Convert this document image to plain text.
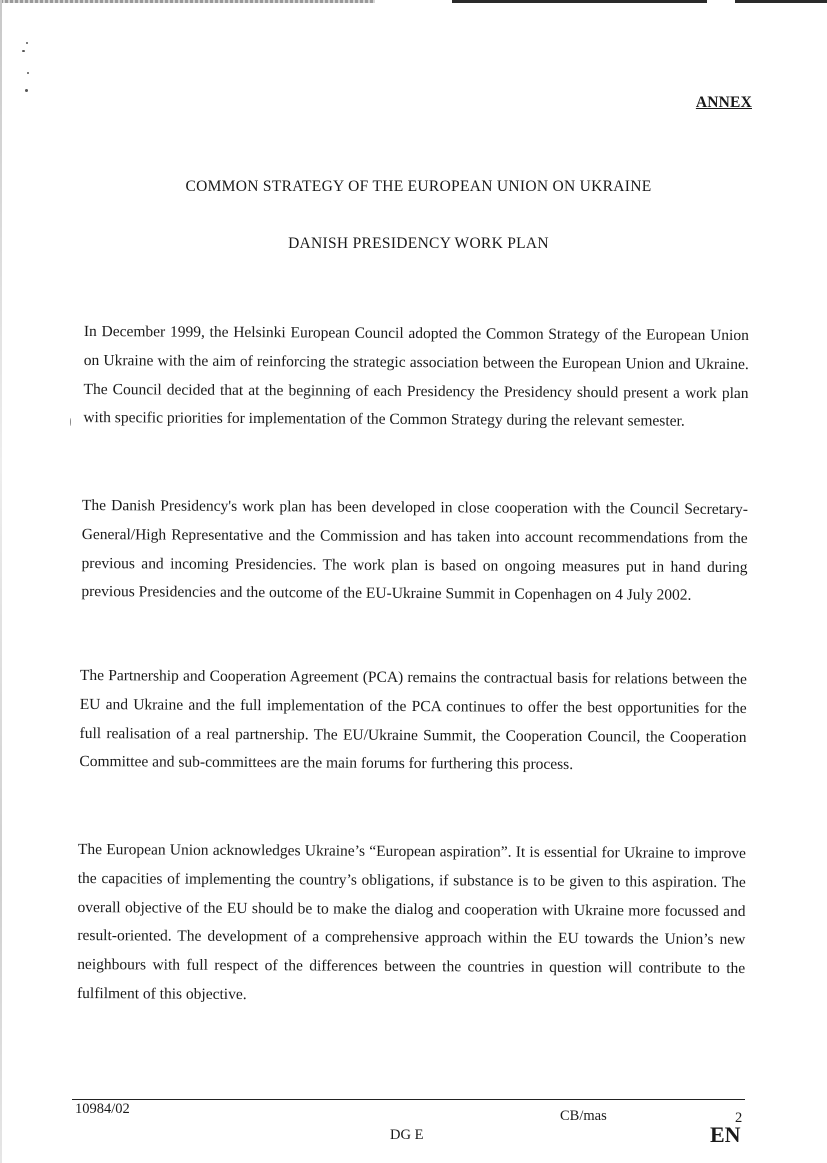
ANNEX
COMMON STRATEGY OF THE EUROPEAN UNION ON UKRAINE
DANISH PRESIDENCY WORK PLAN

In December 1999, the Helsinki European Council adopted the Common Strategy of the European Union on Ukraine with the aim of reinforcing the strategic association between the European Union and Ukraine. The Council decided that at the beginning of each Presidency the Presidency should present a work plan with specific priorities for implementation of the Common Strategy during the relevant semester.

The Danish Presidency's work plan has been developed in close cooperation with the Council Secretary-General/High Representative and the Commission and has taken into account recommendations from the previous and incoming Presidencies. The work plan is based on ongoing measures put in hand during previous Presidencies and the outcome of the EU-Ukraine Summit in Copenhagen on 4 July 2002.

The Partnership and Cooperation Agreement (PCA) remains the contractual basis for relations between the EU and Ukraine and the full implementation of the PCA continues to offer the best opportunities for the full realisation of a real partnership. The EU/Ukraine Summit, the Cooperation Council, the Cooperation Committee and sub-committees are the main forums for furthering this process.

The European Union acknowledges Ukraine’s “European aspiration”. It is essential for Ukraine to improve the capacities of implementing the country’s obligations, if substance is to be given to this aspiration. The overall objective of the EU should be to make the dialog and cooperation with Ukraine more focussed and result-oriented. The development of a comprehensive approach within the EU towards the Union’s new neighbours with full respect of the differences between the countries in question will contribute to the fulfilment of this objective.

10984/02	CB/mas	2
DG E	EN
